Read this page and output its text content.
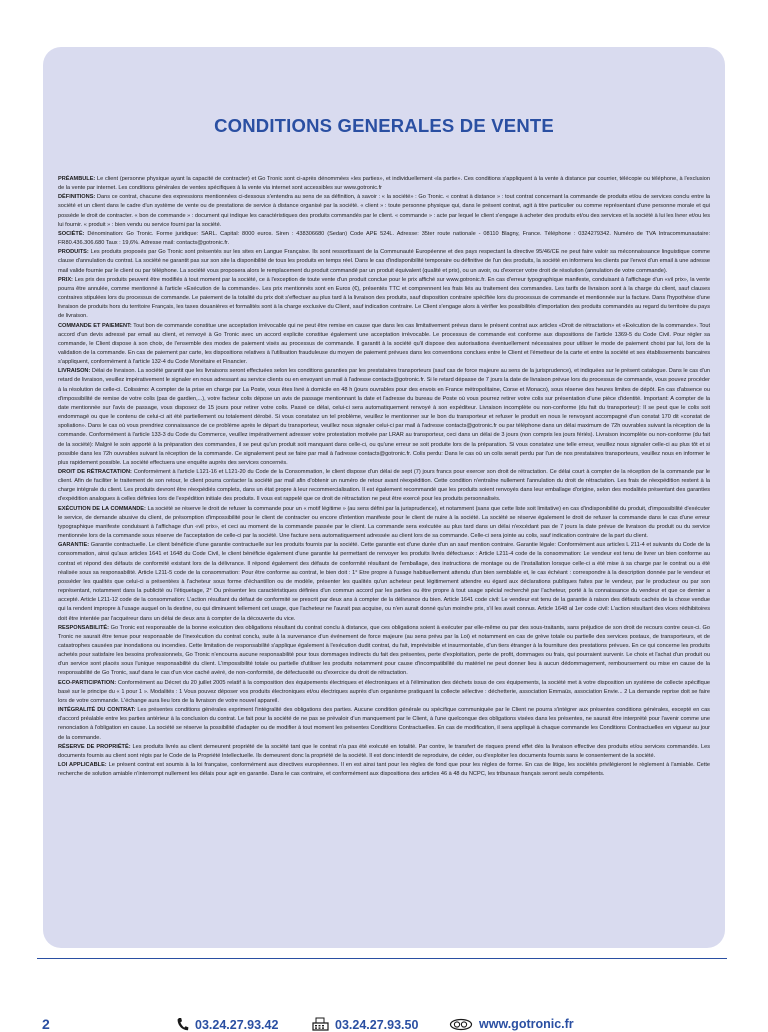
CONDITIONS GENERALES DE VENTE

PRÉAMBULE: Le client (personne physique ayant la capacité de contracter) et Go Tronic sont ci-après dénommées «les parties», et individuellement «la partie». Ces conditions s'appliquent à la vente à distance par courrier, télécopie ou téléphone, à l'exclusion de la vente par internet. Les conditions générales de ventes spécifiques à la vente via internet sont accessibles sur www.gotronic.fr

DÉFINITIONS: Dans ce contrat, chacune des expressions mentionnées ci-dessous s'entendra au sens de sa définition, à savoir : « la société» : Go Tronic. « contrat à distance » : tout contrat concernant la commande de produits et/ou de services conclu entre la société et un client dans le cadre d'un système de vente ou de prestations de service à distance organisé par la société. « client » : toute personne physique qui, dans le présent contrat, agit à titre particulier ou comme représentant d'une personne morale et qui possède le droit de contracter. « bon de commande » : document qui indique les caractéristiques des produits commandés par le client. « commande » : acte par lequel le client s'engage à acheter des produits et/ou des services et la société à lui les livrer et/ou les lui fournir. « produit » : bien vendu ou service fourni par la société.

SOCIÉTÉ: Dénomination: Go Tronic. Forme juridique: SARL. Capital: 8000 euros. Siren : 438306680 (Sedan) Code APE 524L. Adresse: 35ter route nationale - 08110 Blagny, France. Téléphone : 0324279342. Numéro de TVA Intracommunautaire: FR80.436.306.680 Taux : 19,6%. Adresse mail: contacts@gotronic.fr.

PRODUITS: Les produits proposés par Go Tronic sont présentés sur les sites en Langue Française. Ils sont ressortissant de la Communauté Européenne et des pays respectant la directive 95/46/CE ne peut faire valoir sa méconnaissance linguistique comme clause d'annulation du contrat. La société ne garantit pas sur son site la disponibilité de tous les produits en temps réel. Dans le cas d'indisponibilité temporaire ou définitive de l'un des produits, la société en informera les clients par l'envoi d'un email à une adresse mail valide fournie par le client ou par téléphone. La société vous proposera alors le remplacement du produit commandé par un produit équivalent (qualité et prix), ou un avoir, ou d'exercer votre droit de résolution (annulation de votre commande).

PRIX: Les prix des produits peuvent être modifiés à tout moment par la société, ce à l'exception de toute vente d'un produit conclue pour le prix affiché sur www.gotronic.fr. En cas d'erreur typographique manifeste, conduisant à l'affichage d'un «vil prix», la vente pourra être annulée, comme mentionné à l'article «Exécution de la commande». Les prix mentionnés sont en Euros (€), présentés TTC et comprennent les frais liés au traitement des commandes. Les tarifs de livraison sont à la charge du client, sauf clauses contraires stipulées lors du processus de commande. Le paiement de la totalité du prix doit s'effectuer au plus tard à la livraison des produits, sauf disposition contraire spécifiée lors du processus de commande et mentionnée sur la facture. Dans l'hypothèse d'une livraison de produits hors du territoire Français, les taxes douanières et formalités sont à la charge exclusive du Client, sauf indication contraire. Le Client s'engage alors à vérifier les possibilités d'importation des produits commandés au regard du territoire du pays de livraison.

COMMANDE ET PAIEMENT: Tout bon de commande constitue une acceptation irrévocable qui ne peut être remise en cause que dans les cas limitativement prévus dans le présent contrat aux articles «Droit de rétractation» et «Exécution de la commande». Tout accord d'un devis adressé par email au client, et renvoyé à Go Tronic avec un accord explicite constitue également une acceptation irrévocable. Le processus de commande est conforme aux dispositions de l'article 1369-5 du Code Civil. Pour régler sa commande, le Client dispose à son choix, de l'ensemble des modes de paiement visés au processus de commande. Il garantit à la société qu'il dispose des autorisations éventuellement nécessaires pour utiliser le mode de paiement choisi par lui, lors de la validation de la commande. En cas de paiement par carte, les dispositions relatives à l'utilisation frauduleuse du moyen de paiement prévues dans les conventions conclues entre le Client et l'émetteur de la carte et entre la société et ses établissements bancaires s'appliquent, conformément à l'article 132-4 du Code Monétaire et Financier.

LIVRAISON: Délai de livraison. La société garantit que les livraisons seront effectuées selon les conditions garanties par les prestataires transporteurs (sauf cas de force majeure au sens de la jurisprudence), et indiquées sur le présent catalogue. Dans le cas d'un retard de livraison, veuillez impérativement le signaler en nous adressant au service clients ou en envoyant un mail à l'adresse contacts@gotronic.fr. Si le retard dépasse de 7 jours la date de livraison prévue lors du processus de commande, vous pouvez procéder à la résolution de celle-ci. Colissimo: A compter de la prise en charge par La Poste, vous êtes livré à domicile en 48 h (jours ouvrables pour des envois en France métropolitaine, Corse et Monaco), sous réserve des heures limites de dépôt. En cas d'absence ou d'impossibilité de remise de votre colis (pas de gardien,...), votre facteur colis dépose un avis de passage mentionnant la date et l'adresse du bureau de Poste où vous pourrez retirer votre colis sur présentation d'une pièce d'identité. Important: A compter de la date mentionnée sur l'avis de passage, vous disposez de 15 jours pour retirer votre colis. Passé ce délai, celui-ci sera automatiquement renvoyé à son expéditeur. Livraison incomplète ou non-conforme (du fait du transporteur): Il se peut que le colis soit endommagé ou que le contenu de celui-ci ait été partiellement ou totalement dérobé. Si vous constatez un tel problème, veuillez le mentionner sur le bon du transporteur et refuser le produit en nous le renvoyant accompagné d'un constat 170 dit «constat de spoliation». Dans le cas où vous prendriez connaissance de ce problème après le départ du transporteur, veuillez nous signaler celui-ci par mail à l'adresse contacts@gotronic.fr ou par téléphone dans un délai maximum de 72h ouvrables suivant la réception de la commande. Conformément à l'article 133-3 du Code du Commerce, veuillez impérativement adresser votre protestation motivée par LRAR au transporteur, ceci dans un délai de 3 jours (non compris les jours fériés). Livraison incomplète ou non-conforme (du fait de la société): Malgré le soin apporté à la préparation des commandes, il se peut qu'un produit soit manquant dans celle-ci, ou qu'une erreur se soit produite lors de la préparation. Si vous constatez une telle erreur, veuillez nous signaler celle-ci au plus tôt et si possible dans les 72h ouvrables suivant la réception de la commande. Ce signalement peut se faire par mail à l'adresse contacts@gotronic.fr. Colis perdu: Dans le cas où un colis serait perdu par l'un de nos prestataires transporteurs, veuillez nous en informer le plus rapidement possible. La société effectuera une enquête auprès des services concernés.

DROIT DE RÉTRACTATION: Conformément à l'article L121-16 et L121-20 du Code de la Consommation, le client dispose d'un délai de sept (7) jours francs pour exercer son droit de rétractation. Ce délai court à compter de la réception de la commande par le client. Afin de faciliter le traitement de son retour, le client pourra contacter la société par mail afin d'obtenir un numéro de retour avant réexpédition. Cette condition n'entraîne nullement l'annulation du droit de rétractation. Les frais de réexpédition restent à la charge intégrale du client. Les produits devront être réexpédiés complets, dans un état propre à leur recommercialisation. Il est également recommandé que les produits soient renvoyés dans leur emballage d'origine, selon des modalités présentant des garanties d'expédition analogues à celles définies lors de l'expédition initiale des produits. Il vous est rappelé que ce droit de rétractation ne peut être exercé pour les produits personnalisés.

EXÉCUTION DE LA COMMANDE: La société se réserve le droit de refuser la commande pour un « motif légitime » (au sens défini par la jurisprudence), et notamment (sans que cette liste soit limitative) en cas d'indisponibilité du produit, d'impossibilité d'exécuter le service, de demande abusive du client, de présomption d'impossibilité pour le client de contracter ou encore d'intention manifeste pour le client de nuire à la société. La société se réserve également le droit de refuser la commande dans le cas d'une erreur typographique manifeste conduisant à l'affichage d'un «vil prix», et ceci au moment de la commande passée par le client. La commande sera exécutée au plus tard dans un délai n'excédant pas de 7 jours la date prévue de livraison du produit ou du service mentionnée lors de la commande sous réserve de l'acceptation de celle-ci par la société. Une facture sera automatiquement adressée au client lors de sa commande. Celle-ci sera jointe au colis, sauf indication contraire de la part du client.

GARANTIE: Garantie contractuelle. Le client bénéficie d'une garantie contractuelle sur les produits fournis par la société. Cette garantie est d'une durée d'un an sauf mention contraire. Garantie légale: Conformément aux articles L 211-4 et suivants du Code de la consommation, ainsi qu'aux articles 1641 et 1648 du Code Civil, le client bénéficie également d'une garantie lui permettant de renvoyer les produits livrés défectueux : Article L211-4 code de la consommation: Le vendeur est tenu de livrer un bien conforme au contrat et répond des défauts de conformité existant lors de la délivrance. Il répond également des défauts de conformité résultant de l'emballage, des instructions de montage ou de l'installation lorsque celle-ci a été mise à sa charge par le contrat ou a été réalisée sous sa responsabilité. Article L211-5 code de la consommation: Pour être conforme au contrat, le bien doit : 1° Etre propre à l'usage habituellement attendu d'un bien semblable et, le cas échéant : correspondre à la description donnée par le vendeur et posséder les qualités que celui-ci a présentées à l'acheteur sous forme d'échantillon ou de modèle, présenter les qualités qu'un acheteur peut légitimement attendre eu égard aux déclarations publiques faites par le vendeur, par le producteur ou par son représentant, notamment dans la publicité ou l'étiquetage, 2° Ou présenter les caractéristiques définies d'un commun accord par les parties ou être propre à tout usage spécial recherché par l'acheteur, porté à la connaissance du vendeur et que ce dernier a accepté. Article L211-12 code de la consommation: L'action résultant du défaut de conformité se prescrit par deux ans à compter de la délivrance du bien. Article 1641 code civil: Le vendeur est tenu de la garantie à raison des défauts cachés de la chose vendue qui la rendent impropre à l'usage auquel on la destine, ou qui diminuent tellement cet usage, que l'acheteur ne l'aurait pas acquise, ou n'en aurait donné qu'un moindre prix, s'il les avait connus. Article 1648 al 1er code civil: L'action résultant des vices rédhibitoires doit être intentée par l'acquéreur dans un délai de deux ans à compter de la découverte du vice.

RESPONSABILITÉ: Go Tronic est responsable de la bonne exécution des obligations résultant du contrat conclu à distance, que ces obligations soient à exécuter par elle-même ou par des sous-traitants, sans préjudice de son droit de recours contre ceux-ci. Go Tronic ne saurait être tenue pour responsable de l'inexécution du contrat conclu, suite à la survenance d'un événement de force majeure (au sens prévu par la Loi) et notamment en cas de grève totale ou partielle des services postaux, de transporteurs, et de catastrophes causées par inondations ou incendies. Cette limitation de responsabilité s'applique également à l'exécution dudit contrat, du fait, imprévisible et insurmontable, d'un tiers étranger à la fourniture des prestations prévues. En ce qui concerne les produits achetés pour satisfaire les besoins professionnels, Go Tronic n'encourra aucune responsabilité pour tous dommages indirects du fait des présentes, perte d'exploitation, perte de profit, dommages ou frais, qui pourraient survenir. Le choix et l'achat d'un produit ou d'un service sont placés sous l'unique responsabilité du client. L'impossibilité totale ou partielle d'utiliser les produits notamment pour cause d'incompatibilité du matériel ne peut donner lieu à aucun dédommagement, remboursement ou mise en cause de la responsabilité de Go Tronic, sauf dans le cas d'un vice caché avéré, de non-conformité, de défectuosité ou d'exercice du droit de rétractation.

ECO-PARTICIPATION: Conformément au Décret du 20 juillet 2005 relatif à la composition des équipements électriques et électroniques et à l'élimination des déchets issus de ces équipements, la société met à votre disposition un système de collecte spécifique basé sur le principe du « 1 pour 1 ». Modalités : 1 Vous pouvez déposer vos produits électroniques et/ou électriques auprès d'un organisme pratiquant la collecte sélective : déchetterie, association Emmaüs, association Envie... 2 La demande reprise doit se faire lors de votre commande. L'échange aura lieu lors de la livraison de votre nouvel appareil.

INTÉGRALITÉ DU CONTRAT: Les présentes conditions générales expriment l'intégralité des obligations des parties. Aucune condition générale ou spécifique communiquée par le Client ne pourra s'intégrer aux présentes conditions générales, excepté en cas d'accord préalable entre les parties antérieur à la conclusion du contrat. Le fait pour la société de ne pas se prévaloir d'un manquement par le Client, à l'une quelconque des obligations visées dans les présentes, ne saurait être interprété pour l'avenir comme une renonciation à l'obligation en cause. La société se réserve la possibilité d'adapter ou de modifier à tout moment les présentes Conditions Contractuelles. En cas de modification, il sera appliqué à chaque commande les Conditions Contractuelles en vigueur au jour de la commande.

RÉSERVE DE PROPRIÉTÉ: Les produits livrés au client demeurent propriété de la société tant que le contrat n'a pas été exécuté en totalité. Par contre, le transfert de risques prend effet dès la livraison effective des produits et/ou services commandés. Les documents fournis au client sont régis par le Code de la Propriété Intellectuelle. Ils demeurent donc la propriété de la société. Il est donc interdit de reproduire, de céder, ou d'exploiter les documents fournis sans le consentement de la société.

LOI APPLICABLE: Le présent contrat est soumis à la loi française, conformément aux directives européennes. Il en est ainsi tant pour les règles de fond que pour les règles de forme. En cas de litige, les sociétés privilégieront le règlement à l'amiable. Cette recherche de solution amiable n'interrompt nullement les délais pour agir en garantie. Dans le cas contraire, et conformément aux dispositions des articles 46 à 48 du NCPC, les tribunaux français seront seuls compétents.

2	03.24.27.93.42	03.24.27.93.50	www.gotronic.fr
